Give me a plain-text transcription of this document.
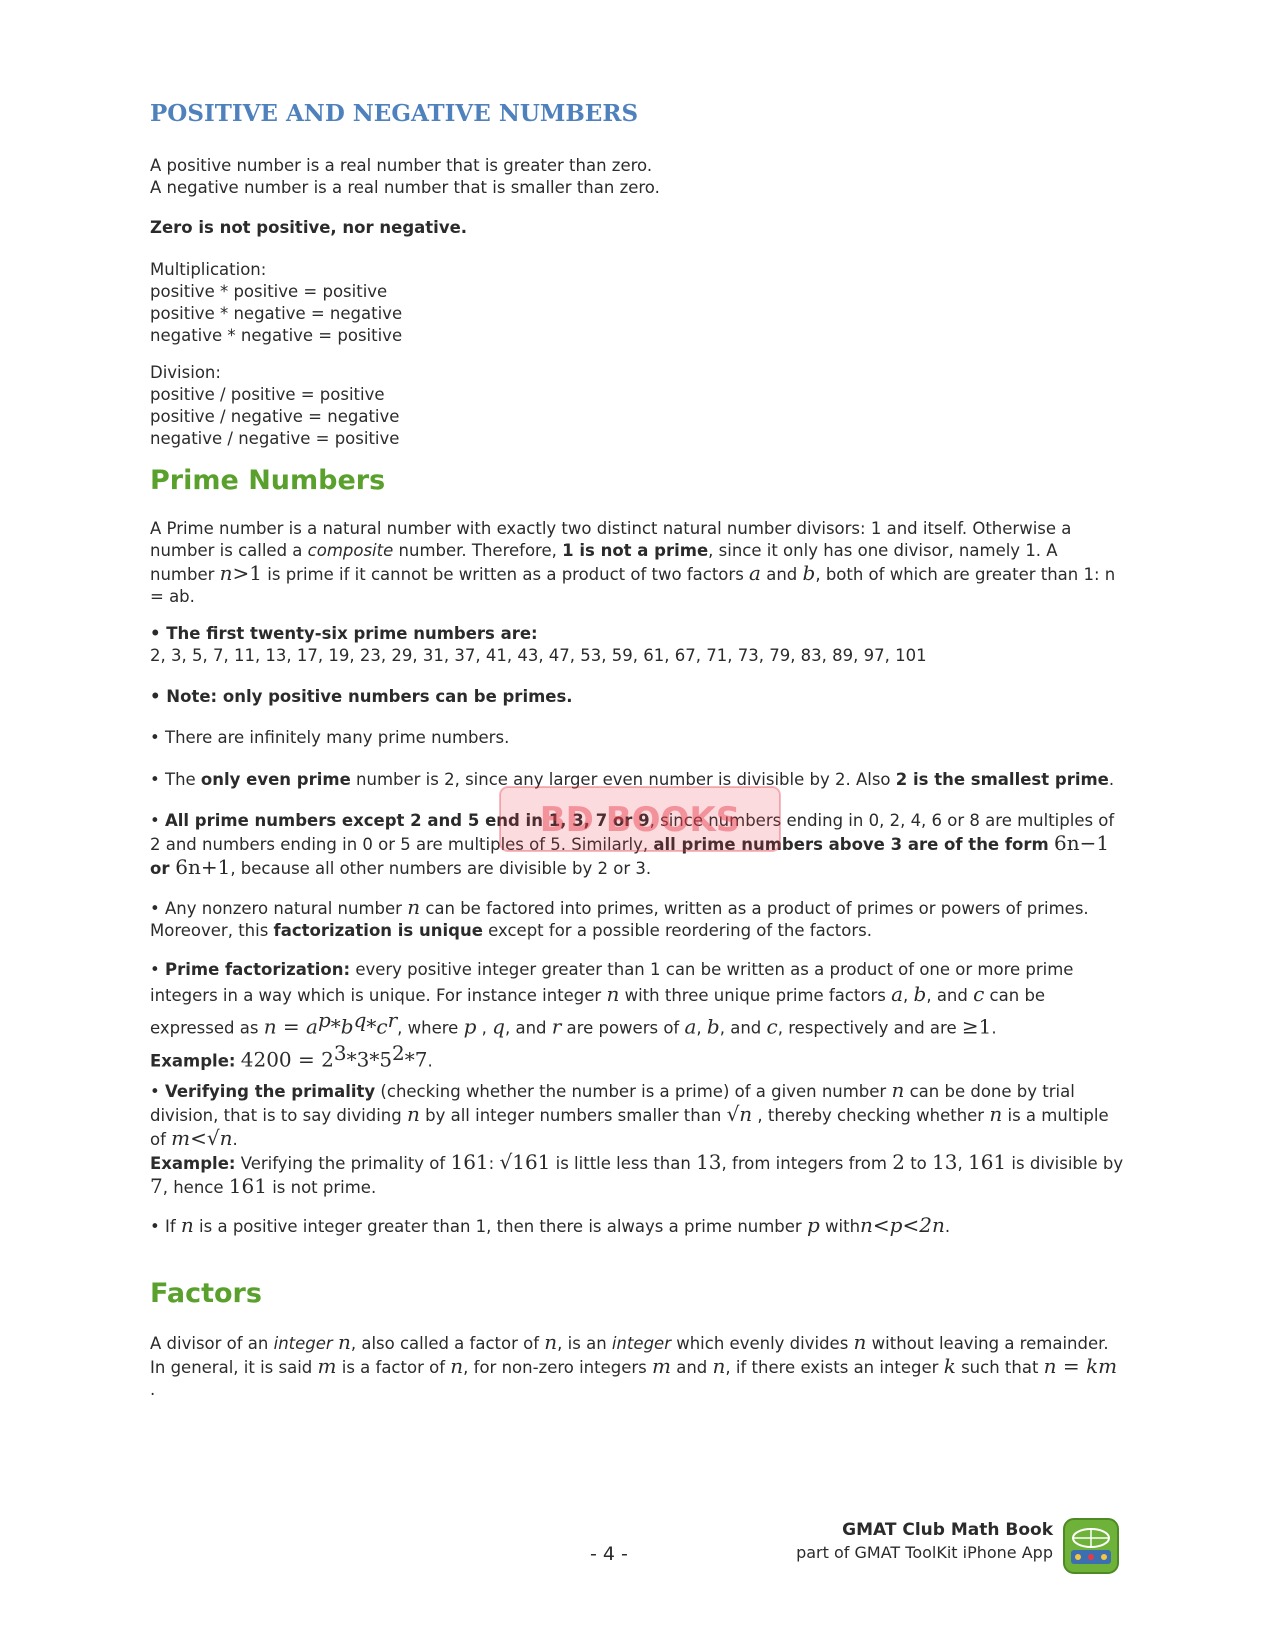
POSITIVE AND NEGATIVE NUMBERS

A positive number is a real number that is greater than zero.

A negative number is a real number that is smaller than zero.

Zero is not positive, nor negative.

Multiplication:

positive * positive = positive

positive * negative = negative

negative * negative = positive

Division:

positive / positive = positive

positive / negative = negative

negative / negative = positive

Prime Numbers
A Prime number is a natural number with exactly two distinct natural number divisors: 1 and itself. Otherwise a number is called a composite number. Therefore, 1 is not a prime, since it only has one divisor, namely 1. A number n>1 is prime if it cannot be written as a product of two factors a and b, both of which are greater than 1: n = ab.

• The first twenty-six prime numbers are:

2, 3, 5, 7, 11, 13, 17, 19, 23, 29, 31, 37, 41, 43, 47, 53, 59, 61, 67, 71, 73, 79, 83, 89, 97, 101

• Note: only positive numbers can be primes.
• There are infinitely many prime numbers.
• The only even prime number is 2, since any larger even number is divisible by 2. Also 2 is the smallest prime.
• All prime numbers except 2 and 5 end in 1, 3, 7 or 9, since numbers ending in 0, 2, 4, 6 or 8 are multiples of 2 and numbers ending in 0 or 5 are multiples of 5. Similarly, all prime numbers above 3 are of the form 6n−1 or 6n+1, because all other numbers are divisible by 2 or 3.
• Any nonzero natural number n can be factored into primes, written as a product of primes or powers of primes. Moreover, this factorization is unique except for a possible reordering of the factors.
• Prime factorization: every positive integer greater than 1 can be written as a product of one or more prime integers in a way which is unique. For instance integer n with three unique prime factors a, b, and c can be expressed as $n = a^p*b^q*c^r$, where p , q, and r are powers of a, b, and c, respectively and are ≥1.
Example: $4200 = 2^3*3*5^2*7$.
• Verifying the primality (checking whether the number is a prime) of a given number n can be done by trial division, that is to say dividing n by all integer numbers smaller than √n , thereby checking whether n is a multiple of m<√n.
Example: Verifying the primality of 161: √161 is little less than 13, from integers from 2 to 13, 161 is divisible by 7, hence 161 is not prime.
• If n is a positive integer greater than 1, then there is always a prime number p withn<p<2n.
Factors
A divisor of an integer n, also called a factor of n, is an integer which evenly divides n without leaving a remainder. In general, it is said m is a factor of n, for non-zero integers m and n, if there exists an integer k such that n = km .
BD BOOKS
- 4 -
GMAT Club Math Book
part of GMAT ToolKit iPhone App
